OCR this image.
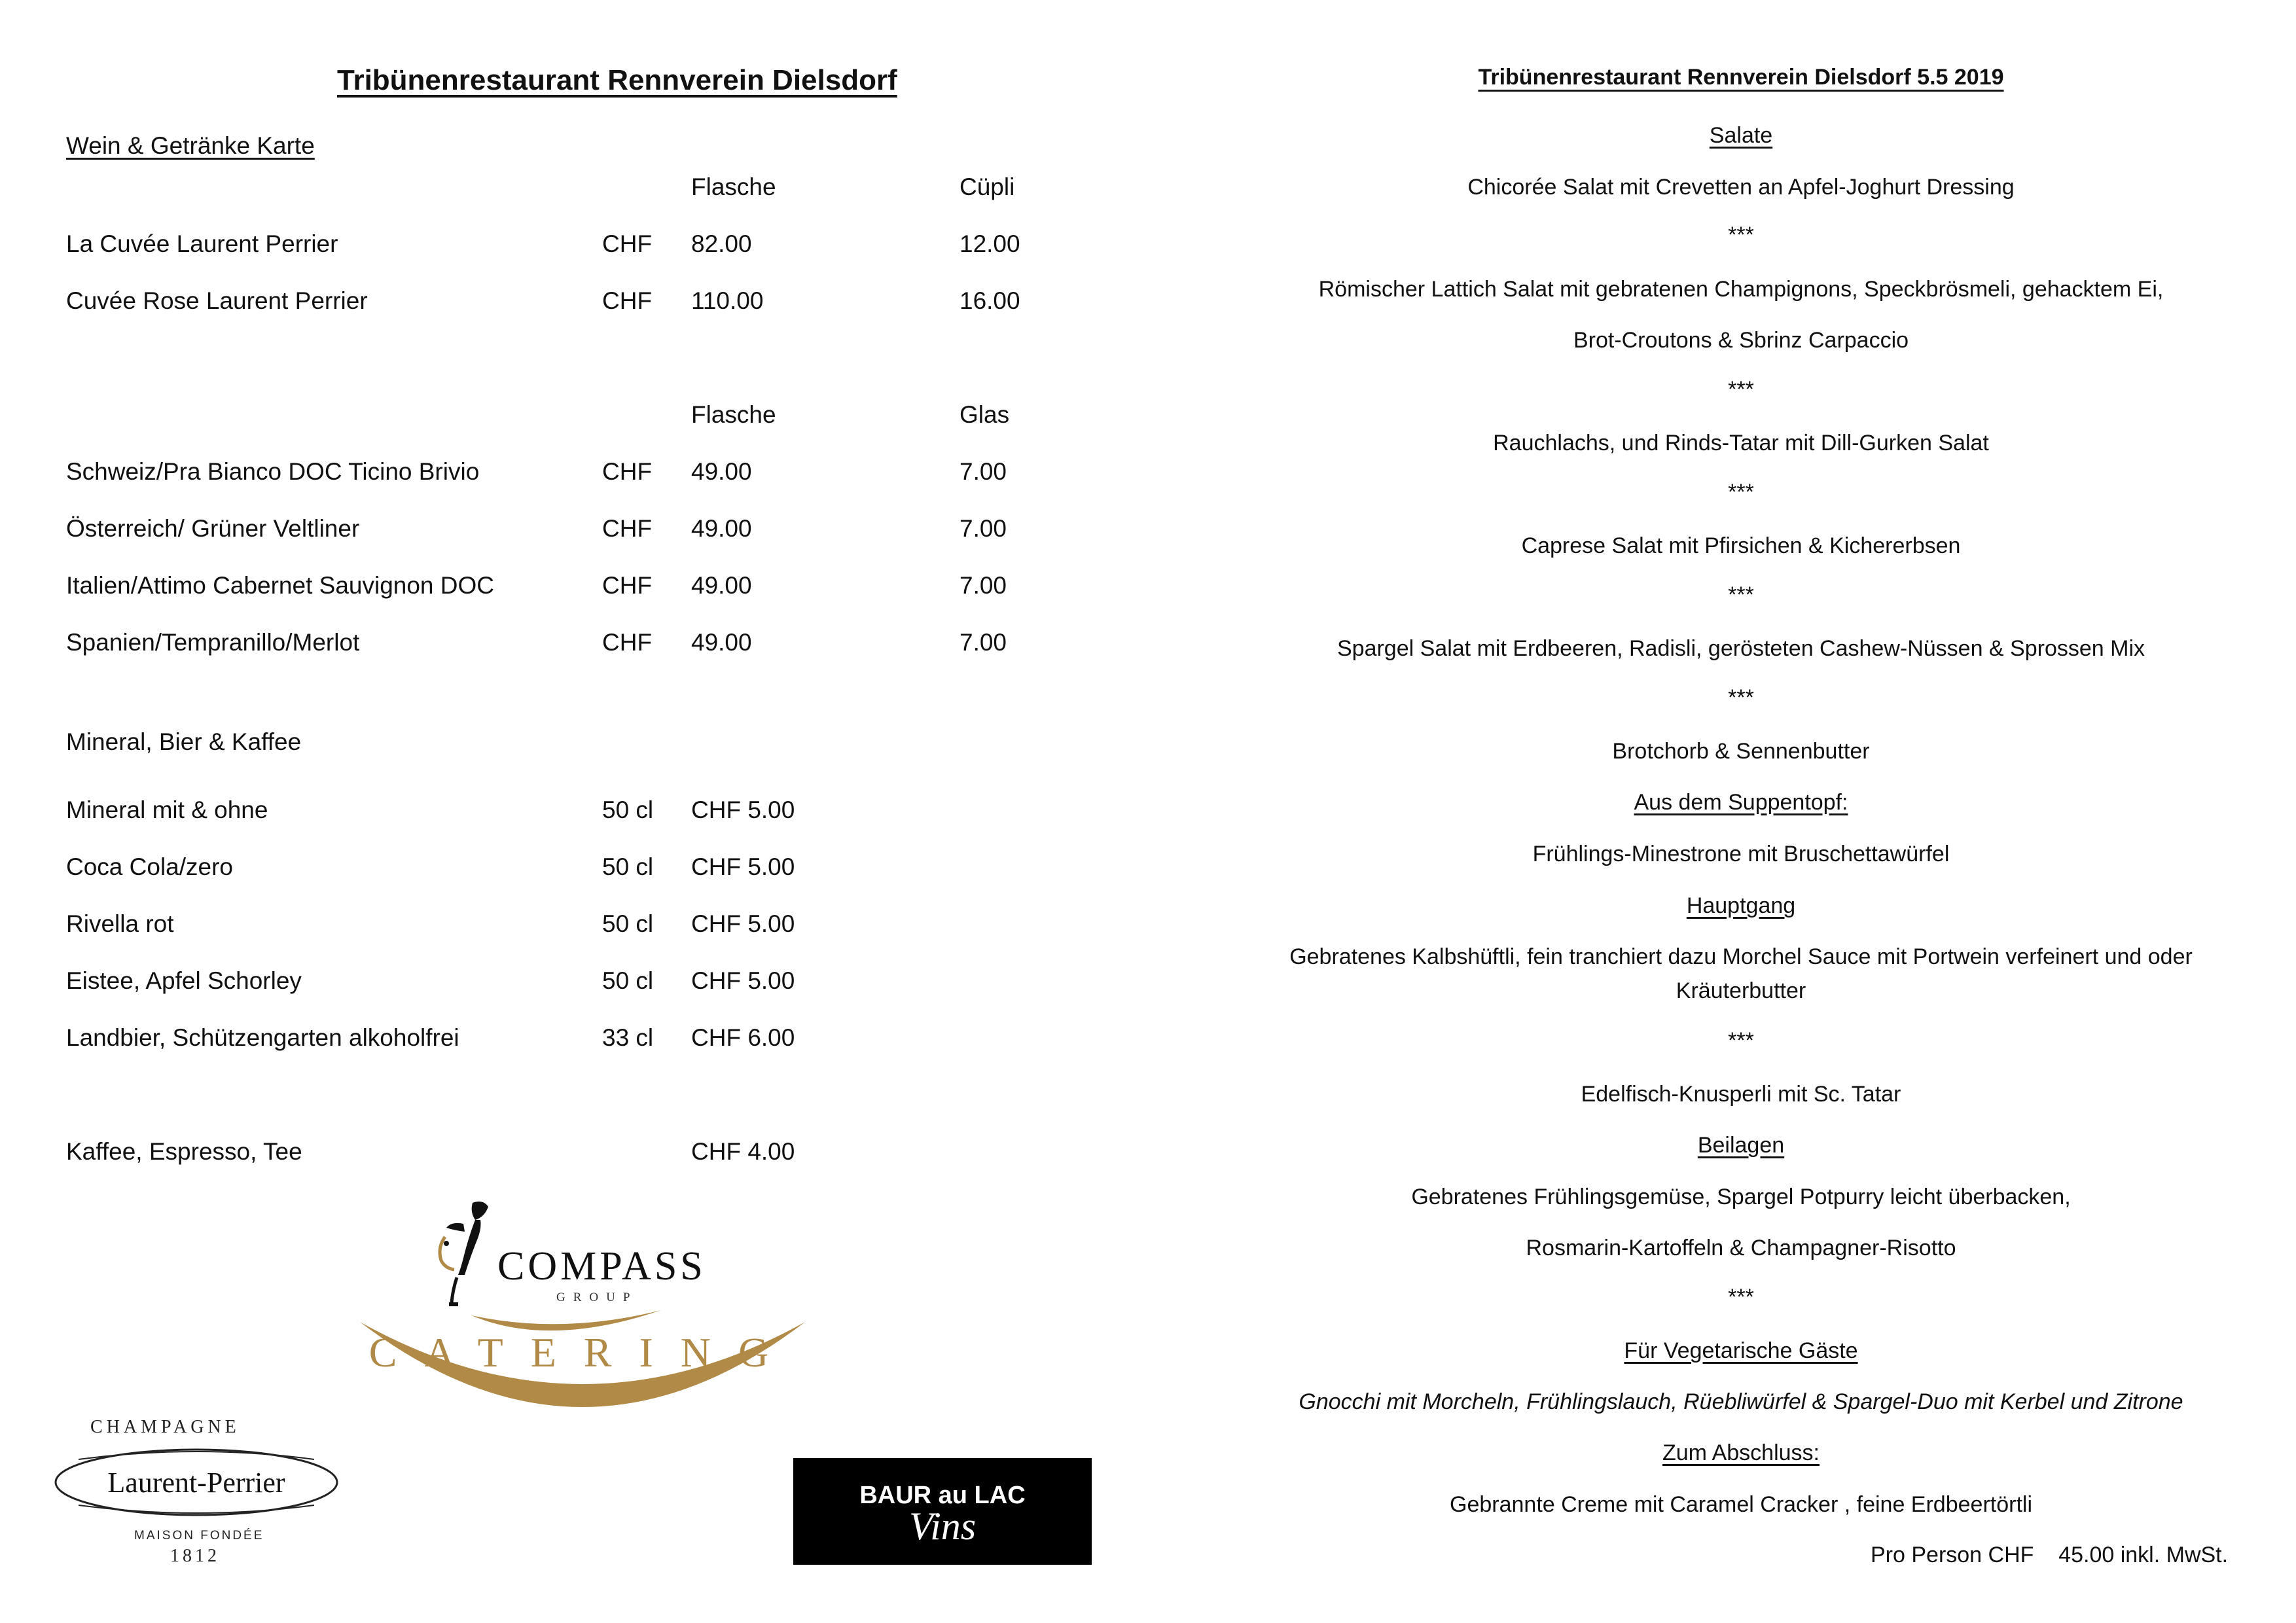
Tribünenrestaurant Rennverein Dielsdorf
Wein & Getränke Karte
Flasche	Cüpli
La Cuvée Laurent Perrier	CHF 82.00	12.00
Cuvée Rose Laurent Perrier	CHF 110.00	16.00
Flasche	Glas
Schweiz/Pra Bianco DOC Ticino Brivio	CHF 49.00	7.00
Österreich/ Grüner Veltliner	CHF 49.00	7.00
Italien/Attimo Cabernet Sauvignon DOC	CHF 49.00	7.00
Spanien/Tempranillo/Merlot	CHF 49.00	7.00
Mineral, Bier & Kaffee
Mineral mit & ohne	50 cl CHF 5.00
Coca Cola/zero	50 cl CHF 5.00
Rivella rot	50 cl CHF 5.00
Eistee, Apfel Schorley	50 cl CHF 5.00
Landbier, Schützengarten alkoholfrei	33 cl CHF 6.00
Kaffee, Espresso, Tee	CHF 4.00
COMPASS
GROUP
CATERING
CHAMPAGNE
Laurent-Perrier
MAISON FONDÉE
1812
BAUR au LAC
Vins
Tribünenrestaurant Rennverein Dielsdorf 5.5 2019
Salate
Chicorée Salat mit Crevetten an Apfel-Joghurt Dressing
***
Römischer Lattich Salat mit gebratenen Champignons, Speckbrösmeli, gehacktem Ei,
Brot-Croutons & Sbrinz Carpaccio
***
Rauchlachs, und Rinds-Tatar mit Dill-Gurken Salat
***
Caprese Salat mit Pfirsichen & Kichererbsen
***
Spargel Salat mit Erdbeeren, Radisli, gerösteten Cashew-Nüssen & Sprossen Mix
***
Brotchorb & Sennenbutter
Aus dem Suppentopf:
Frühlings-Minestrone mit Bruschettawürfel
Hauptgang
Gebratenes Kalbshüftli, fein tranchiert dazu Morchel Sauce mit Portwein verfeinert und oder Kräuterbutter
***
Edelfisch-Knusperli mit Sc. Tatar
Beilagen
Gebratenes Frühlingsgemüse, Spargel Potpurry leicht überbacken,
Rosmarin-Kartoffeln & Champagner-Risotto
***
Für Vegetarische Gäste
Gnocchi mit Morcheln, Frühlingslauch, Rüebliwürfel & Spargel-Duo mit Kerbel und Zitrone
Zum Abschluss:
Gebrannte Creme mit Caramel Cracker , feine Erdbeertörtli
Pro Person CHF    45.00 inkl. MwSt.
